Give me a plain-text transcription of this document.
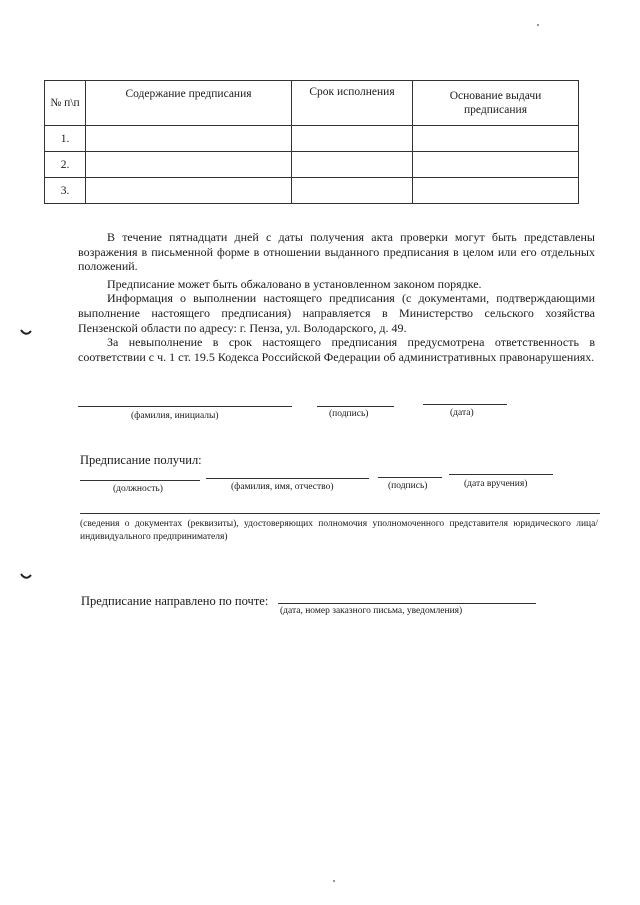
№ п\п	Содержание предписания	Срок исполнения	Основание выдачи
предписания
1.			
2.			
3.			

В течение пятнадцати дней с даты получения акта проверки могут быть представлены возражения в письменной форме в отношении выданного предписания в целом или его отдельных положений.

Предписание может быть обжаловано в установленном законом порядке.

Информация о выполнении настоящего предписания (с документами, подтверждающими выполнение настоящего предписания) направляется в Министерство сельского хозяйства Пензенской области по адресу: г. Пенза, ул. Володарского, д. 49.

За невыполнение в срок настоящего предписания предусмотрена ответственность в соответствии с ч. 1 ст. 19.5 Кодекса Российской Федерации об административных правонарушениях.

(фамилия, инициалы)	(подпись)	(дата)
Предписание получил:
(должность)	(фамилия, имя, отчество)	(подпись)	(дата вручения)
(сведения о документах (реквизиты), удостоверяющих полномочия уполномоченного представителя юридического лица/индивидуального предпринимателя)
Предписание направлено по почте:
(дата, номер заказного письма, уведомления)
